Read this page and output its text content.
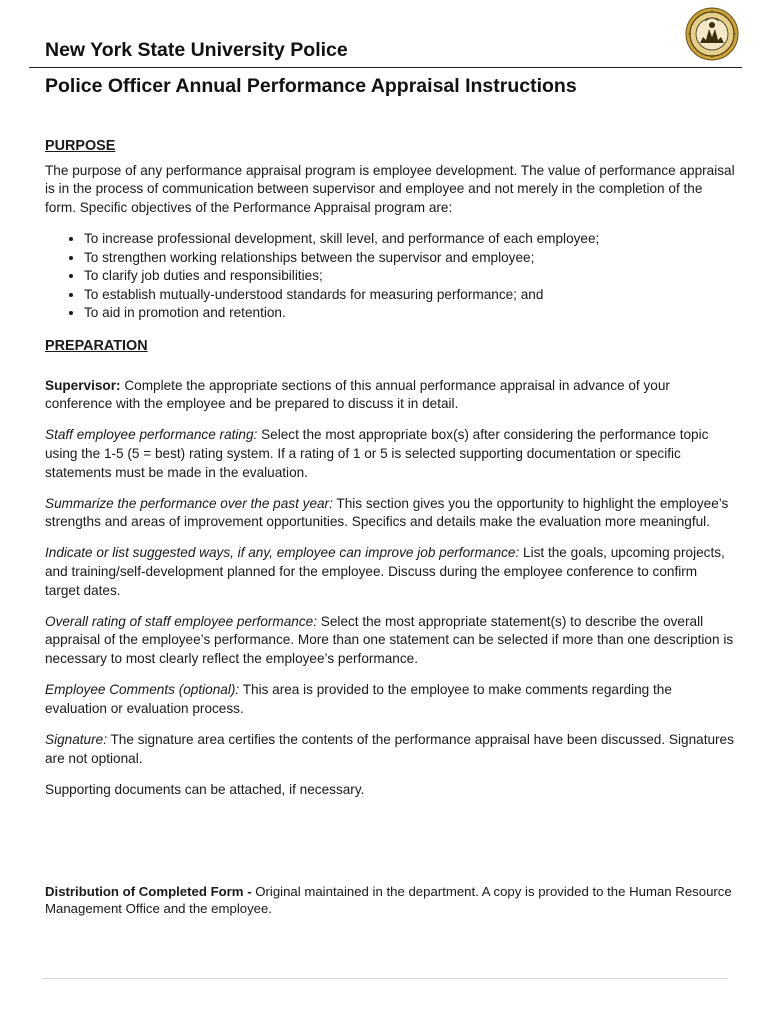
New York State University Police
Police Officer Annual Performance Appraisal Instructions
PURPOSE

The purpose of any performance appraisal program is employee development. The value of performance appraisal is in the process of communication between supervisor and employee and not merely in the completion of the form. Specific objectives of the Performance Appraisal program are:

• To increase professional development, skill level, and performance of each employee;
• To strengthen working relationships between the supervisor and employee;
• To clarify job duties and responsibilities;
• To establish mutually-understood standards for measuring performance; and
• To aid in promotion and retention.
PREPARATION

Supervisor: Complete the appropriate sections of this annual performance appraisal in advance of your conference with the employee and be prepared to discuss it in detail.

Staff employee performance rating: Select the most appropriate box(s) after considering the performance topic using the 1-5 (5 = best) rating system. If a rating of 1 or 5 is selected supporting documentation or specific statements must be made in the evaluation.

Summarize the performance over the past year: This section gives you the opportunity to highlight the employee’s strengths and areas of improvement opportunities. Specifics and details make the evaluation more meaningful.

Indicate or list suggested ways, if any, employee can improve job performance: List the goals, upcoming projects, and training/self-development planned for the employee. Discuss during the employee conference to confirm target dates.

Overall rating of staff employee performance: Select the most appropriate statement(s) to describe the overall appraisal of the employee’s performance. More than one statement can be selected if more than one description is necessary to most clearly reflect the employee’s performance.

Employee Comments (optional): This area is provided to the employee to make comments regarding the evaluation or evaluation process.

Signature: The signature area certifies the contents of the performance appraisal have been discussed. Signatures are not optional.

Supporting documents can be attached, if necessary.

Distribution of Completed Form - Original maintained in the department. A copy is provided to the Human Resource Management Office and the employee.
